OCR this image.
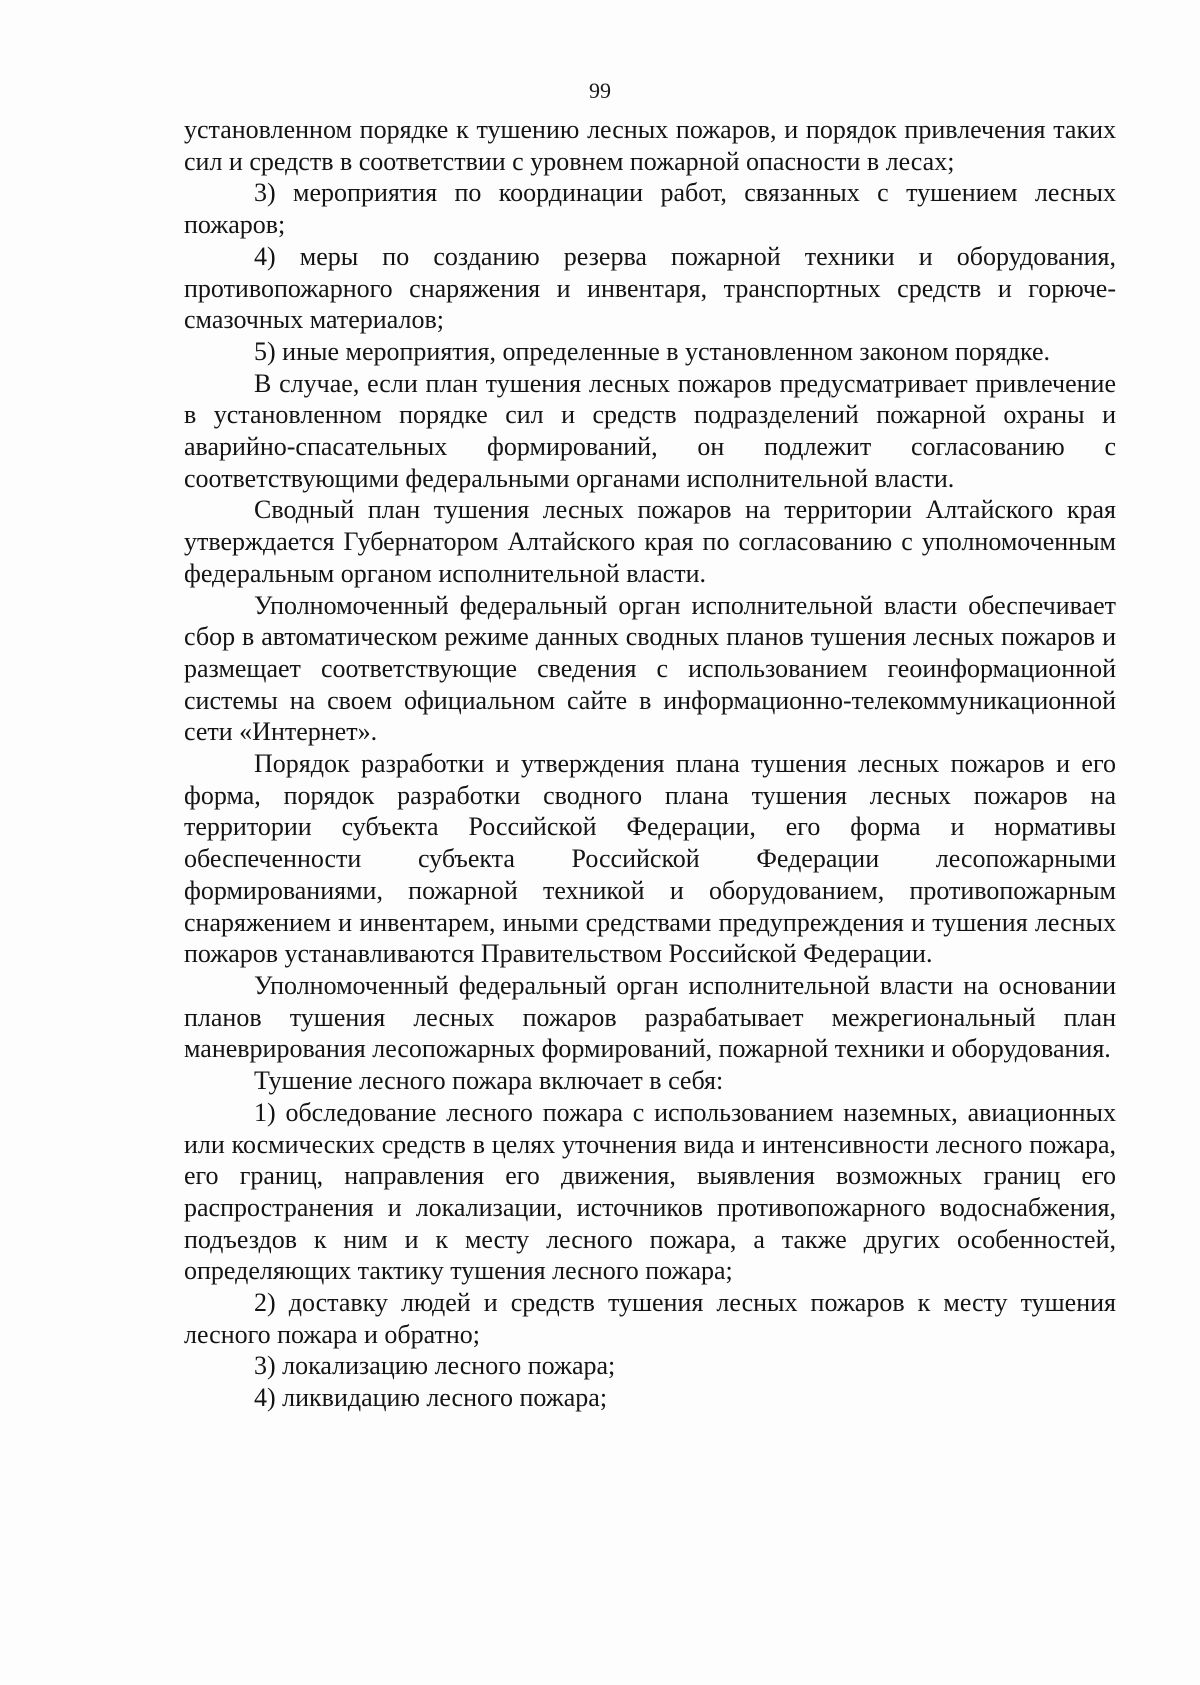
99

установленном порядке к тушению лесных пожаров, и порядок привлечения таких сил и средств в соответствии с уровнем пожарной опасности в лесах;

3) мероприятия по координации работ, связанных с тушением лесных пожаров;

4) меры по созданию резерва пожарной техники и оборудования, противопожарного снаряжения и инвентаря, транспортных средств и горюче-смазочных материалов;

5) иные мероприятия, определенные в установленном законом порядке.

В случае, если план тушения лесных пожаров предусматривает привлечение в установленном порядке сил и средств подразделений пожарной охраны и аварийно-спасательных формирований, он подлежит согласованию с соответствующими федеральными органами исполнительной власти.

Сводный план тушения лесных пожаров на территории Алтайского края утверждается Губернатором Алтайского края по согласованию с уполномоченным федеральным органом исполнительной власти.

Уполномоченный федеральный орган исполнительной власти обеспечивает сбор в автоматическом режиме данных сводных планов тушения лесных пожаров и размещает соответствующие сведения с использованием геоинформационной системы на своем официальном сайте в информационно-телекоммуникационной сети «Интернет».

Порядок разработки и утверждения плана тушения лесных пожаров и его форма, порядок разработки сводного плана тушения лесных пожаров на территории субъекта Российской Федерации, его форма и нормативы обеспеченности субъекта Российской Федерации лесопожарными формированиями, пожарной техникой и оборудованием, противопожарным снаряжением и инвентарем, иными средствами предупреждения и тушения лесных пожаров устанавливаются Правительством Российской Федерации.

Уполномоченный федеральный орган исполнительной власти на основании планов тушения лесных пожаров разрабатывает межрегиональный план маневрирования лесопожарных формирований, пожарной техники и оборудования.

Тушение лесного пожара включает в себя:

1) обследование лесного пожара с использованием наземных, авиационных или космических средств в целях уточнения вида и интенсивности лесного пожара, его границ, направления его движения, выявления возможных границ его распространения и локализации, источников противопожарного водоснабжения, подъездов к ним и к месту лесного пожара, а также других особенностей, определяющих тактику тушения лесного пожара;

2) доставку людей и средств тушения лесных пожаров к месту тушения лесного пожара и обратно;

3) локализацию лесного пожара;

4) ликвидацию лесного пожара;
